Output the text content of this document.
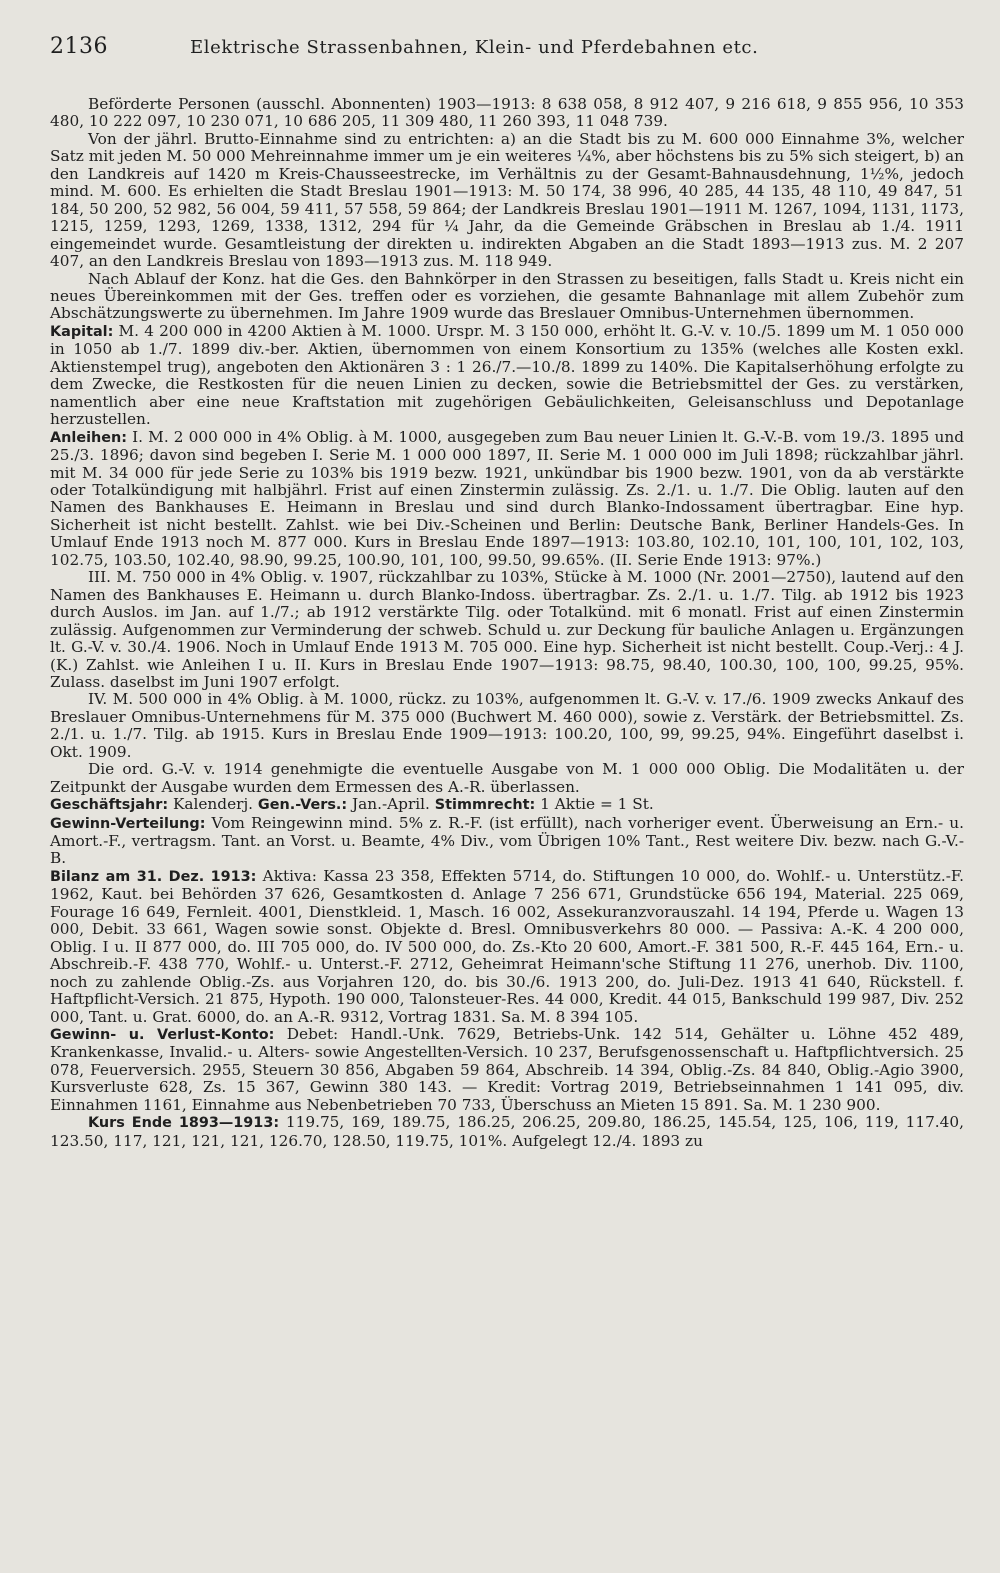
2136	Elektrische Strassenbahnen, Klein- und Pferdebahnen etc.

Beförderte Personen (ausschl. Abonnenten) 1903—1913: 8 638 058, 8 912 407, 9 216 618, 9 855 956, 10 353 480, 10 222 097, 10 230 071, 10 686 205, 11 309 480, 11 260 393, 11 048 739.

Von der jährl. Brutto-Einnahme sind zu entrichten: a) an die Stadt bis zu M. 600 000 Einnahme 3%, welcher Satz mit jeden M. 50 000 Mehreinnahme immer um je ein weiteres ¼%, aber höchstens bis zu 5% sich steigert, b) an den Landkreis auf 1420 m Kreis-Chausseestrecke, im Verhältnis zu der Gesamt-Bahnausdehnung, 1½%, jedoch mind. M. 600. Es erhielten die Stadt Breslau 1901—1913: M. 50 174, 38 996, 40 285, 44 135, 48 110, 49 847, 51 184, 50 200, 52 982, 56 004, 59 411, 57 558, 59 864; der Landkreis Breslau 1901—1911 M. 1267, 1094, 1131, 1173, 1215, 1259, 1293, 1269, 1338, 1312, 294 für ¼ Jahr, da die Gemeinde Gräbschen in Breslau ab 1./4. 1911 eingemeindet wurde. Gesamtleistung der direkten u. indirekten Abgaben an die Stadt 1893—1913 zus. M. 2 207 407, an den Landkreis Breslau von 1893—1913 zus. M. 118 949.

Nach Ablauf der Konz. hat die Ges. den Bahnkörper in den Strassen zu beseitigen, falls Stadt u. Kreis nicht ein neues Übereinkommen mit der Ges. treffen oder es vorziehen, die gesamte Bahnanlage mit allem Zubehör zum Abschätzungswerte zu übernehmen. Im Jahre 1909 wurde das Breslauer Omnibus-Unternehmen übernommen.

Kapital: M. 4 200 000 in 4200 Aktien à M. 1000. Urspr. M. 3 150 000, erhöht lt. G.-V. v. 10./5. 1899 um M. 1 050 000 in 1050 ab 1./7. 1899 div.-ber. Aktien, übernommen von einem Konsortium zu 135% (welches alle Kosten exkl. Aktienstempel trug), angeboten den Aktionären 3 : 1 26./7.—10./8. 1899 zu 140%. Die Kapitalserhöhung erfolgte zu dem Zwecke, die Restkosten für die neuen Linien zu decken, sowie die Betriebsmittel der Ges. zu verstärken, namentlich aber eine neue Kraftstation mit zugehörigen Gebäulichkeiten, Geleisanschluss und Depotanlage herzustellen.

Anleihen: I. M. 2 000 000 in 4% Oblig. à M. 1000, ausgegeben zum Bau neuer Linien lt. G.-V.-B. vom 19./3. 1895 und 25./3. 1896; davon sind begeben I. Serie M. 1 000 000 1897, II. Serie M. 1 000 000 im Juli 1898; rückzahlbar jährl. mit M. 34 000 für jede Serie zu 103% bis 1919 bezw. 1921, unkündbar bis 1900 bezw. 1901, von da ab verstärkte oder Totalkündigung mit halbjährl. Frist auf einen Zinstermin zulässig. Zs. 2./1. u. 1./7. Die Oblig. lauten auf den Namen des Bankhauses E. Heimann in Breslau und sind durch Blanko-Indossament übertragbar. Eine hyp. Sicherheit ist nicht bestellt. Zahlst. wie bei Div.-Scheinen und Berlin: Deutsche Bank, Berliner Handels-Ges. In Umlauf Ende 1913 noch M. 877 000. Kurs in Breslau Ende 1897—1913: 103.80, 102.10, 101, 100, 101, 102, 103, 102.75, 103.50, 102.40, 98.90, 99.25, 100.90, 101, 100, 99.50, 99.65%. (II. Serie Ende 1913: 97%.)

III. M. 750 000 in 4% Oblig. v. 1907, rückzahlbar zu 103%, Stücke à M. 1000 (Nr. 2001—2750), lautend auf den Namen des Bankhauses E. Heimann u. durch Blanko-Indoss. übertragbar. Zs. 2./1. u. 1./7. Tilg. ab 1912 bis 1923 durch Auslos. im Jan. auf 1./7.; ab 1912 verstärkte Tilg. oder Totalkünd. mit 6 monatl. Frist auf einen Zinstermin zulässig. Aufgenommen zur Verminderung der schweb. Schuld u. zur Deckung für bauliche Anlagen u. Ergänzungen lt. G.-V. v. 30./4. 1906. Noch in Umlauf Ende 1913 M. 705 000. Eine hyp. Sicherheit ist nicht bestellt. Coup.-Verj.: 4 J. (K.) Zahlst. wie Anleihen I u. II. Kurs in Breslau Ende 1907—1913: 98.75, 98.40, 100.30, 100, 100, 99.25, 95%. Zulass. daselbst im Juni 1907 erfolgt.

IV. M. 500 000 in 4% Oblig. à M. 1000, rückz. zu 103%, aufgenommen lt. G.-V. v. 17./6. 1909 zwecks Ankauf des Breslauer Omnibus-Unternehmens für M. 375 000 (Buchwert M. 460 000), sowie z. Verstärk. der Betriebsmittel. Zs. 2./1. u. 1./7. Tilg. ab 1915. Kurs in Breslau Ende 1909—1913: 100.20, 100, 99, 99.25, 94%. Eingeführt daselbst i. Okt. 1909.

Die ord. G.-V. v. 1914 genehmigte die eventuelle Ausgabe von M. 1 000 000 Oblig. Die Modalitäten u. der Zeitpunkt der Ausgabe wurden dem Ermessen des A.-R. überlassen.

Geschäftsjahr: Kalenderj. Gen.-Vers.: Jan.-April. Stimmrecht: 1 Aktie = 1 St.

Gewinn-Verteilung: Vom Reingewinn mind. 5% z. R.-F. (ist erfüllt), nach vorheriger event. Überweisung an Ern.- u. Amort.-F., vertragsm. Tant. an Vorst. u. Beamte, 4% Div., vom Übrigen 10% Tant., Rest weitere Div. bezw. nach G.-V.-B.

Bilanz am 31. Dez. 1913: Aktiva: Kassa 23 358, Effekten 5714, do. Stiftungen 10 000, do. Wohlf.- u. Unterstütz.-F. 1962, Kaut. bei Behörden 37 626, Gesamtkosten d. Anlage 7 256 671, Grundstücke 656 194, Material. 225 069, Fourage 16 649, Fernleit. 4001, Dienstkleid. 1, Masch. 16 002, Assekuranzvorauszahl. 14 194, Pferde u. Wagen 13 000, Debit. 33 661, Wagen sowie sonst. Objekte d. Bresl. Omnibusverkehrs 80 000. — Passiva: A.-K. 4 200 000, Oblig. I u. II 877 000, do. III 705 000, do. IV 500 000, do. Zs.-Kto 20 600, Amort.-F. 381 500, R.-F. 445 164, Ern.- u. Abschreib.-F. 438 770, Wohlf.- u. Unterst.-F. 2712, Geheimrat Heimann'sche Stiftung 11 276, unerhob. Div. 1100, noch zu zahlende Oblig.-Zs. aus Vorjahren 120, do. bis 30./6. 1913 200, do. Juli-Dez. 1913 41 640, Rückstell. f. Haftpflicht-Versich. 21 875, Hypoth. 190 000, Talonsteuer-Res. 44 000, Kredit. 44 015, Bankschuld 199 987, Div. 252 000, Tant. u. Grat. 6000, do. an A.-R. 9312, Vortrag 1831. Sa. M. 8 394 105.

Gewinn- u. Verlust-Konto: Debet: Handl.-Unk. 7629, Betriebs-Unk. 142 514, Gehälter u. Löhne 452 489, Krankenkasse, Invalid.- u. Alters- sowie Angestellten-Versich. 10 237, Berufsgenossenschaft u. Haftpflichtversich. 25 078, Feuerversich. 2955, Steuern 30 856, Abgaben 59 864, Abschreib. 14 394, Oblig.-Zs. 84 840, Oblig.-Agio 3900, Kursverluste 628, Zs. 15 367, Gewinn 380 143. — Kredit: Vortrag 2019, Betriebseinnahmen 1 141 095, div. Einnahmen 1161, Einnahme aus Nebenbetrieben 70 733, Überschuss an Mieten 15 891. Sa. M. 1 230 900.

Kurs Ende 1893—1913: 119.75, 169, 189.75, 186.25, 206.25, 209.80, 186.25, 145.54, 125, 106, 119, 117.40, 123.50, 117, 121, 121, 121, 126.70, 128.50, 119.75, 101%. Aufgelegt 12./4. 1893 zu
